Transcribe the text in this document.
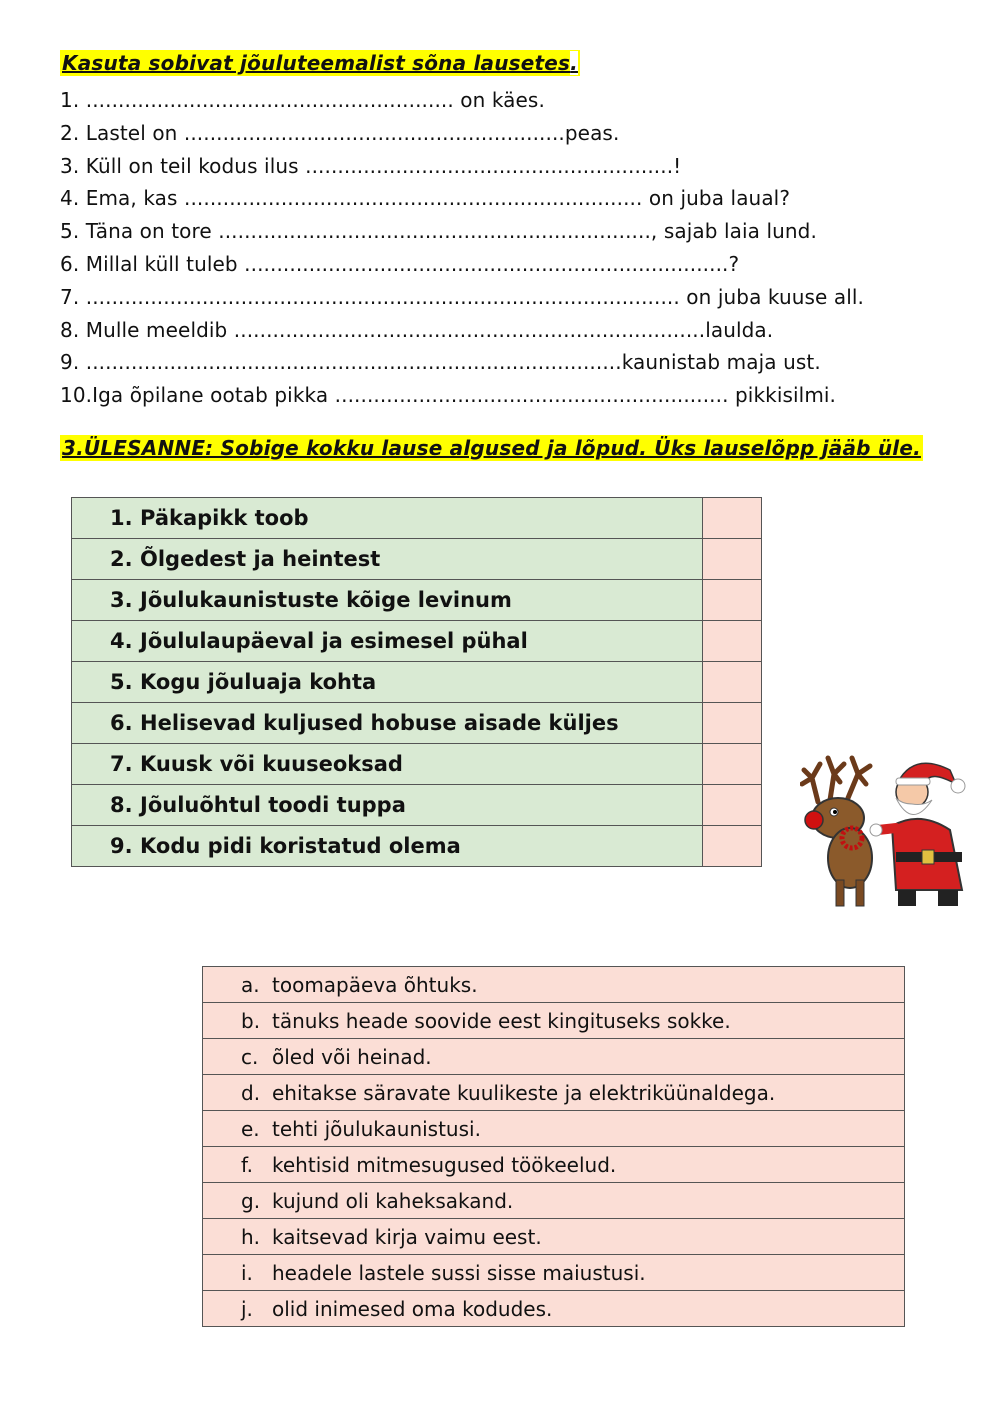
Kasuta sobivat jõuluteemalist sõna lausetes.
1. ......................................................... on käes.
2. Lastel on ...........................................................peas.
3. Küll on teil kodus ilus .........................................................!
4. Ema, kas ....................................................................... on juba laual?
5. Täna on tore ..................................................................., sajab laia lund.
6. Millal küll tuleb ...........................................................................?
7. ............................................................................................ on juba kuuse all.
8. Mulle meeldib .........................................................................laulda.
9. ...................................................................................kaunistab maja ust.
10.Iga õpilane ootab pikka ............................................................. pikkisilmi.
3.ÜLESANNE: Sobige kokku lause algused ja lõpud. Üks lauselõpp jääb üle.
1. Päkapikk toob	
2. Õlgedest ja heintest	
3. Jõulukaunistuste kõige levinum	
4. Jõululaupäeval ja esimesel pühal	
5. Kogu jõuluaja kohta	
6. Helisevad kuljused hobuse aisade küljes	
7. Kuusk või kuuseoksad	
8. Jõuluõhtul toodi tuppa	
9. Kodu pidi koristatud olema	
a. toomapäeva õhtuks.
b. tänuks heade soovide eest kingituseks sokke.
c. õled või heinad.
d. ehitakse säravate kuulikeste ja elektriküünaldega.
e. tehti jõulukaunistusi.
f. kehtisid mitmesugused töökeelud.
g. kujund oli kaheksakand.
h. kaitsevad kirja vaimu eest.
i. headele lastele sussi sisse maiustusi.
j. olid inimesed oma kodudes.
